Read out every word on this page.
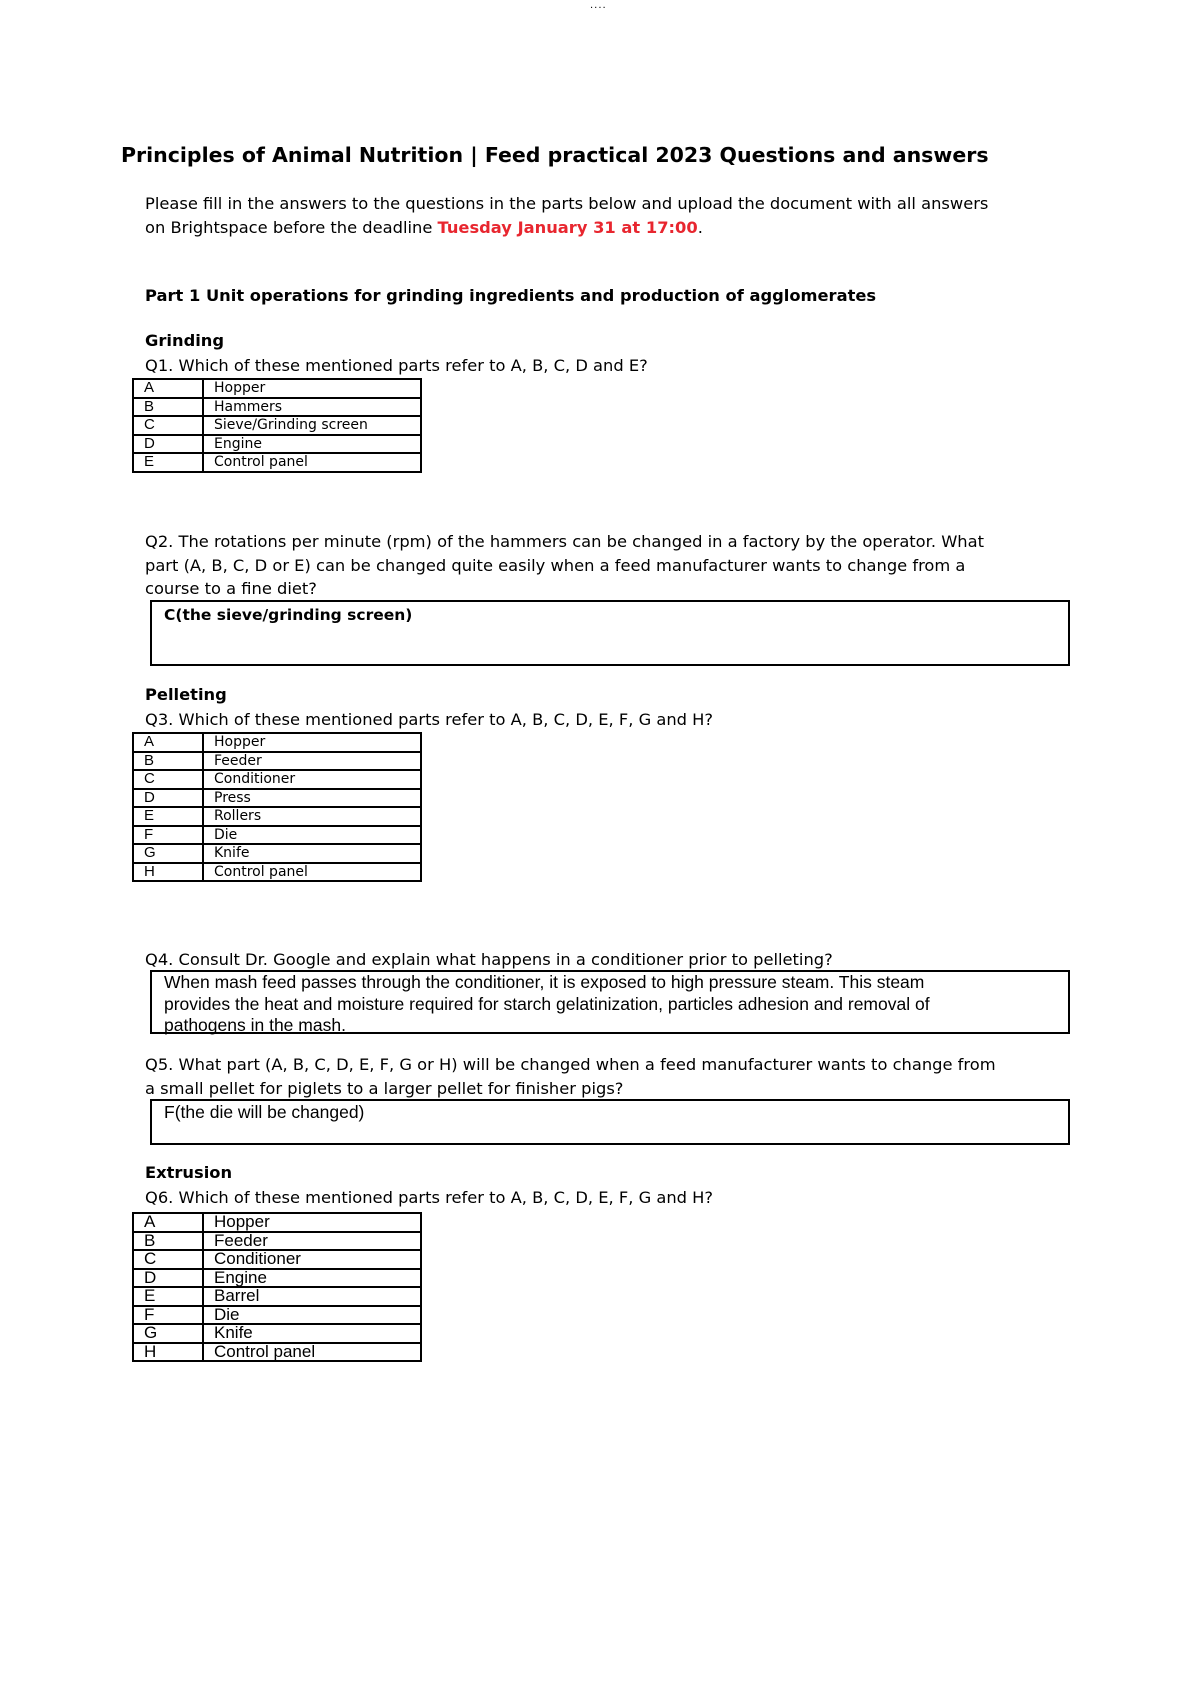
....
Principles of Animal Nutrition | Feed practical 2023 Questions and answers
Please fill in the answers to the questions in the parts below and upload the document with all answers
on Brightspace before the deadline Tuesday January 31 at 17:00.
Part 1 Unit operations for grinding ingredients and production of agglomerates
Grinding
Q1. Which of these mentioned parts refer to A, B, C, D and E?
A	Hopper
B	Hammers
C	Sieve/Grinding screen
D	Engine
E	Control panel
Q2. The rotations per minute (rpm) of the hammers can be changed in a factory by the operator. What
part (A, B, C, D or E) can be changed quite easily when a feed manufacturer wants to change from a
course to a fine diet?
C(the sieve/grinding screen)
Pelleting
Q3. Which of these mentioned parts refer to A, B, C, D, E, F, G and H?
A	Hopper
B	Feeder
C	Conditioner
D	Press
E	Rollers
F	Die
G	Knife
H	Control panel
Q4. Consult Dr. Google and explain what happens in a conditioner prior to pelleting?
When mash feed passes through the conditioner, it is exposed to high pressure steam. This steam
provides the heat and moisture required for starch gelatinization, particles adhesion and removal of
pathogens in the mash.
Q5. What part (A, B, C, D, E, F, G or H) will be changed when a feed manufacturer wants to change from
a small pellet for piglets to a larger pellet for finisher pigs?
F(the die will be changed)
Extrusion
Q6. Which of these mentioned parts refer to A, B, C, D, E, F, G and H?
A	Hopper
B	Feeder
C	Conditioner
D	Engine
E	Barrel
F	Die
G	Knife
H	Control panel
